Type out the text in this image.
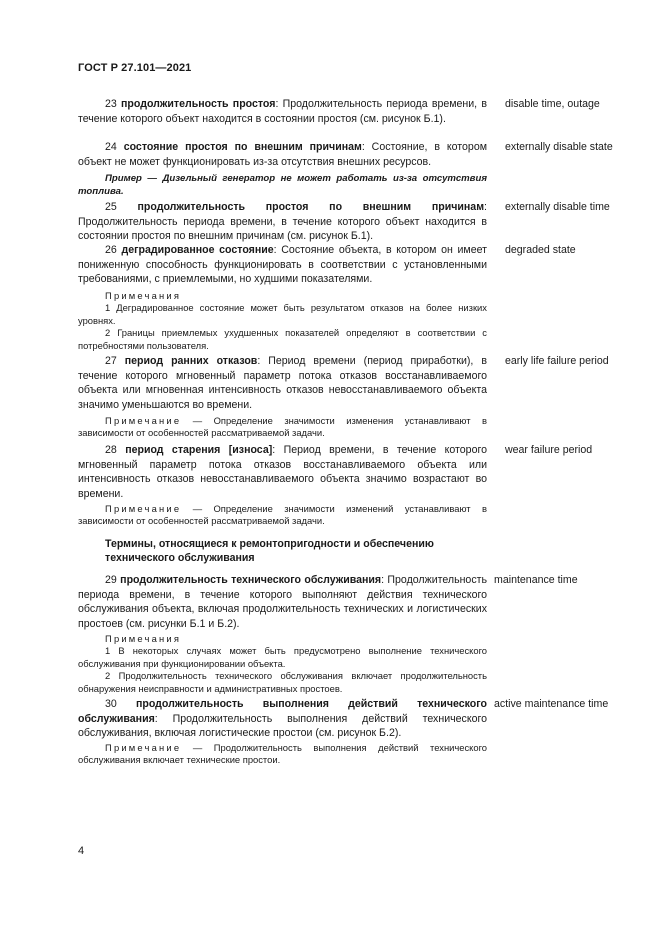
ГОСТ Р 27.101—2021
23 продолжительность простоя: Продолжительность периода времени, в течение которого объект находится в состоянии простоя (см. рисунок Б.1).
disable time, outage
24 состояние простоя по внешним причинам: Состояние, в котором объект не может функционировать из-за отсутствия внешних ресурсов.
externally disable state
Пример — Дизельный генератор не может работать из-за отсутствия топлива.
25 продолжительность простоя по внешним причинам: Продолжительность периода времени, в течение которого объект находится в состоянии простоя по внешним причинам (см. рисунок Б.1).
externally disable time
26 деградированное состояние: Состояние объекта, в котором он имеет пониженную способность функционировать в соответствии с установленными требованиями, с приемлемыми, но худшими показателями.
degraded state
Примечания
1 Деградированное состояние может быть результатом отказов на более низких уровнях.
2 Границы приемлемых ухудшенных показателей определяют в соответствии с потребностями пользователя.
27 период ранних отказов: Период времени (период приработки), в течение которого мгновенный параметр потока отказов восстанавливаемого объекта или мгновенная интенсивность отказов невосстанавливаемого объекта значимо уменьшаются во времени.
early life failure period
Примечание — Определение значимости изменения устанавливают в зависимости от особенностей рассматриваемой задачи.
28 период старения [износа]: Период времени, в течение которого мгновенный параметр потока отказов восстанавливаемого объекта или интенсивность отказов невосстанавливаемого объекта значимо возрастают во времени.
wear failure period
Примечание — Определение значимости изменений устанавливают в зависимости от особенностей рассматриваемой задачи.
Термины, относящиеся к ремонтопригодности и обеспечению технического обслуживания
29 продолжительность технического обслуживания: Продолжительность периода времени, в течение которого выполняют действия технического обслуживания объекта, включая продолжительность технических и логистических простоев (см. рисунки Б.1 и Б.2).
maintenance time
Примечания
1 В некоторых случаях может быть предусмотрено выполнение технического обслуживания при функционировании объекта.
2 Продолжительность технического обслуживания включает продолжительность обнаружения неисправности и административных простоев.
30 продолжительность выполнения действий технического обслуживания: Продолжительность выполнения действий технического обслуживания, включая логистические простои (см. рисунок Б.2).
active maintenance time
Примечание — Продолжительность выполнения действий технического обслуживания включает технические простои.
4
